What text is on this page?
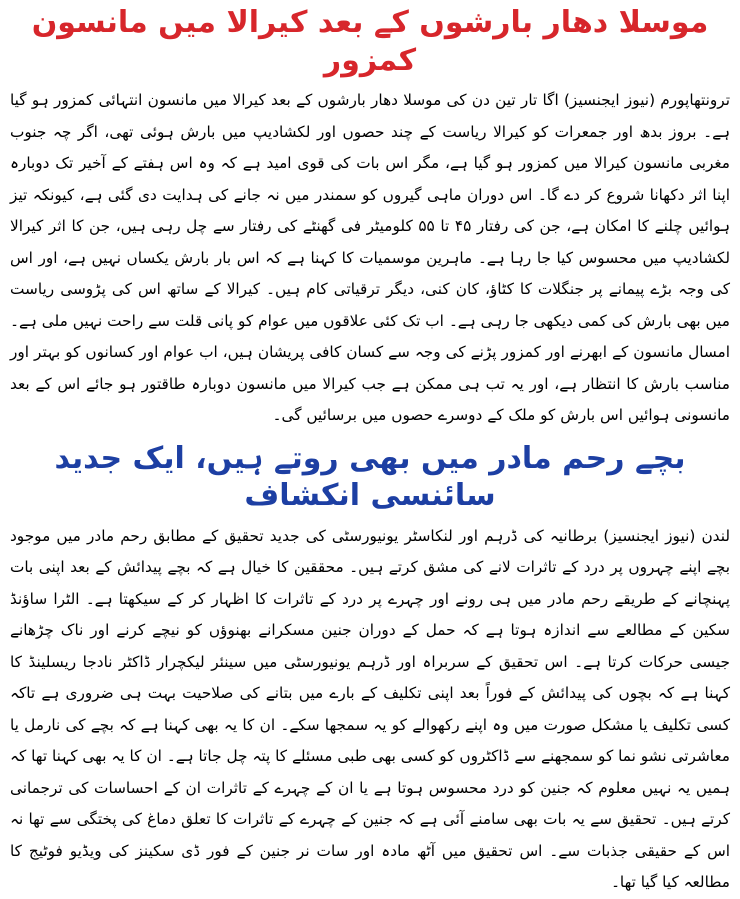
موسلا دھار بارشوں کے بعد کیرالا میں مانسون کمزور

ترونتھاپورم (نیوز ایجنسیز) اگا تار تین دن کی موسلا دھار بارشوں کے بعد کیرالا میں مانسون انتہائی کمزور ہو گیا ہے۔ بروز بدھ اور جمعرات کو کیرالا ریاست کے چند حصوں اور لکشادیپ میں بارش ہوئی تھی، اگر چہ جنوب مغربی مانسون کیرالا میں کمزور ہو گیا ہے، مگر اس بات کی قوی امید ہے کہ وہ اس ہفتے کے آخیر تک دوبارہ اپنا اثر دکھانا شروع کر دے گا۔ اس دوران ماہی گیروں کو سمندر میں نہ جانے کی ہدایت دی گئی ہے، کیونکہ تیز ہوائیں چلنے کا امکان ہے، جن کی رفتار ۴۵ تا ۵۵ کلومیٹر فی گھنٹے کی رفتار سے چل رہی ہیں، جن کا اثر کیرالا لکشادیپ میں محسوس کیا جا رہا ہے۔ ماہرین موسمیات کا کہنا ہے کہ اس بار بارش یکساں نہیں ہے، اور اس کی وجہ بڑے پیمانے پر جنگلات کا کٹاؤ، کان کنی، دیگر ترقیاتی کام ہیں۔ کیرالا کے ساتھ اس کی پڑوسی ریاست میں بھی بارش کی کمی دیکھی جا رہی ہے۔ اب تک کئی علاقوں میں عوام کو پانی قلت سے راحت نہیں ملی ہے۔ امسال مانسون کے ابھرنے اور کمزور پڑنے کی وجہ سے کسان کافی پریشان ہیں، اب عوام اور کسانوں کو بہتر اور مناسب بارش کا انتظار ہے، اور یہ تب ہی ممکن ہے جب کیرالا میں مانسون دوبارہ طاقتور ہو جائے اس کے بعد مانسونی ہوائیں اس بارش کو ملک کے دوسرے حصوں میں برسائیں گی۔

بچے رحم مادر میں بھی روتے ہیں، ایک جدید سائنسی انکشاف

لندن (نیوز ایجنسیز) برطانیہ کی ڈرہم اور لنکاسٹر یونیورسٹی کی جدید تحقیق کے مطابق رحم مادر میں موجود بچے اپنے چہروں پر درد کے تاثرات لانے کی مشق کرتے ہیں۔ محققین کا خیال ہے کہ بچے پیدائش کے بعد اپنی بات پہنچانے کے طریقے رحم مادر میں ہی رونے اور چہرے پر درد کے تاثرات کا اظہار کر کے سیکھتا ہے۔ الٹرا ساؤنڈ سکین کے مطالعے سے اندازہ ہوتا ہے کہ حمل کے دوران جنین مسکرانے بھنوؤں کو نیچے کرنے اور ناک چڑھانے جیسی حرکات کرتا ہے۔ اس تحقیق کے سربراہ اور ڈرہم یونیورسٹی میں سینئر لیکچرار ڈاکٹر نادجا ریسلینڈ کا کہنا ہے کہ بچوں کی پیدائش کے فوراً بعد اپنی تکلیف کے بارے میں بتانے کی صلاحیت بہت ہی ضروری ہے تاکہ کسی تکلیف یا مشکل صورت میں وہ اپنے رکھوالے کو یہ سمجھا سکے۔ ان کا یہ بھی کہنا ہے کہ بچے کی نارمل یا معاشرتی نشو نما کو سمجھنے سے ڈاکٹروں کو کسی بھی طبی مسئلے کا پتہ چل جاتا ہے۔ ان کا یہ بھی کہنا تھا کہ ہمیں یہ نہیں معلوم کہ جنین کو درد محسوس ہوتا ہے یا ان کے چہرے کے تاثرات ان کے احساسات کی ترجمانی کرتے ہیں۔ تحقیق سے یہ بات بھی سامنے آئی ہے کہ جنین کے چہرے کے تاثرات کا تعلق دماغ کی پختگی سے تھا نہ اس کے حقیقی جذبات سے۔ اس تحقیق میں آٹھ مادہ اور سات نر جنین کے فور ڈی سکینز کی ویڈیو فوٹیج کا مطالعہ کیا گیا تھا۔
